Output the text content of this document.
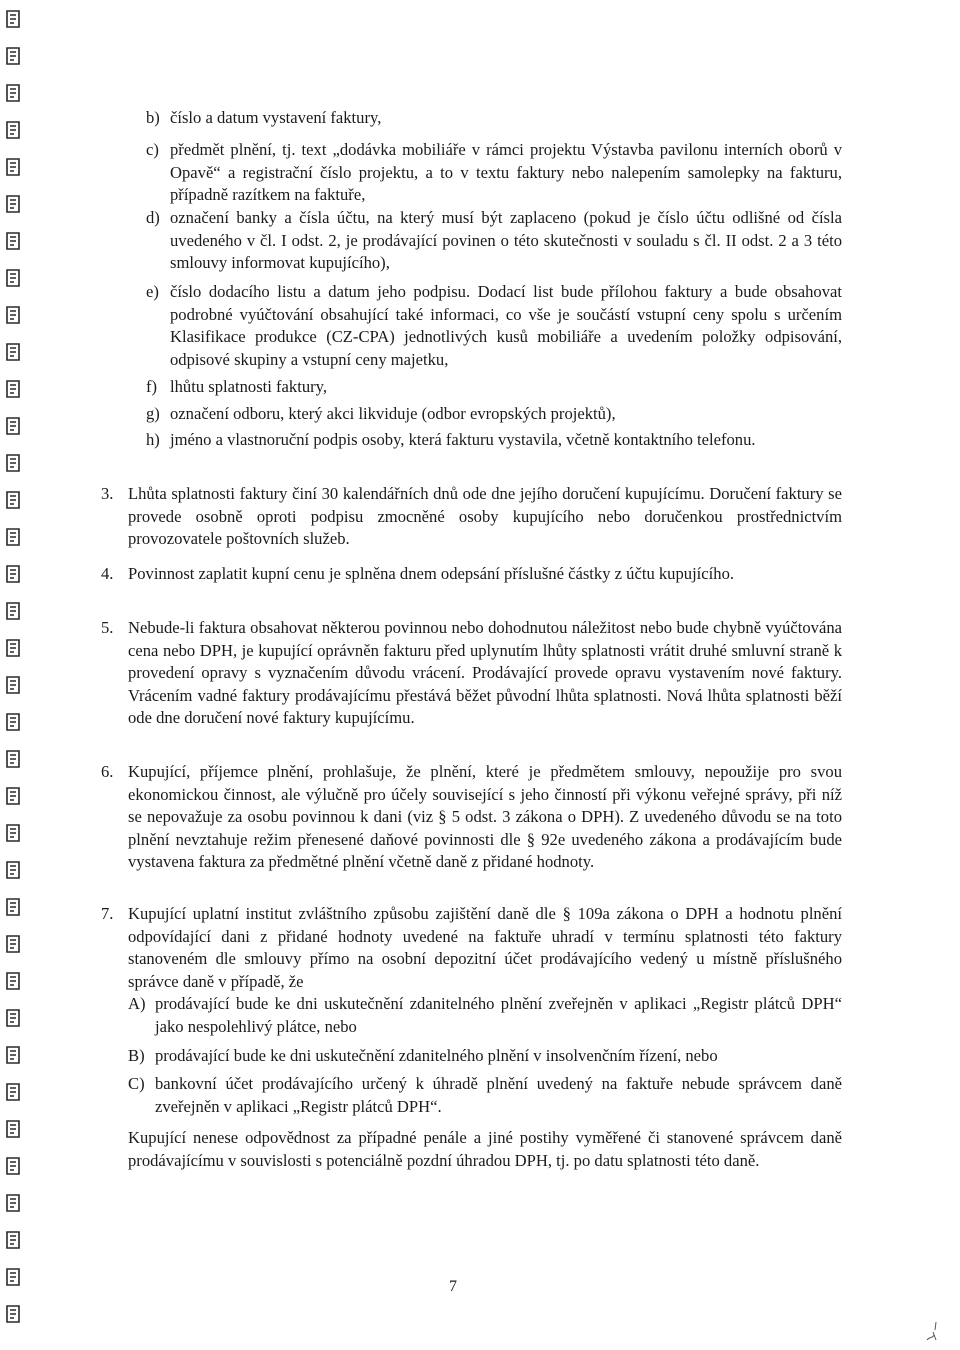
b) číslo a datum vystavení faktury,
c) předmět plnění, tj. text „dodávka mobiliáře v rámci projektu Výstavba pavilonu interních oborů v Opavě“ a registrační číslo projektu, a to v textu faktury nebo nalepením samolepky na fakturu, případně razítkem na faktuře,
d) označení banky a čísla účtu, na který musí být zaplaceno (pokud je číslo účtu odlišné od čísla uvedeného v čl. I odst. 2, je prodávající povinen o této skutečnosti v souladu s čl. II odst. 2 a 3 této smlouvy informovat kupujícího),
e) číslo dodacího listu a datum jeho podpisu. Dodací list bude přílohou faktury a bude obsahovat podrobné vyúčtování obsahující také informaci, co vše je součástí vstupní ceny spolu s určením Klasifikace produkce (CZ-CPA) jednotlivých kusů mobiliáře a uvedením položky odpisování, odpisové skupiny a vstupní ceny majetku,
f) lhůtu splatnosti faktury,
g) označení odboru, který akci likviduje (odbor evropských projektů),
h) jméno a vlastnoruční podpis osoby, která fakturu vystavila, včetně kontaktního telefonu.
3. Lhůta splatnosti faktury činí 30 kalendářních dnů ode dne jejího doručení kupujícímu. Doručení faktury se provede osobně oproti podpisu zmocněné osoby kupujícího nebo doručenkou prostřednictvím provozovatele poštovních služeb.
4. Povinnost zaplatit kupní cenu je splněna dnem odepsání příslušné částky z účtu kupujícího.
5. Nebude-li faktura obsahovat některou povinnou nebo dohodnutou náležitost nebo bude chybně vyúčtována cena nebo DPH, je kupující oprávněn fakturu před uplynutím lhůty splatnosti vrátit druhé smluvní straně k provedení opravy s vyznačením důvodu vrácení. Prodávající provede opravu vystavením nové faktury. Vrácením vadné faktury prodávajícímu přestává běžet původní lhůta splatnosti. Nová lhůta splatnosti běží ode dne doručení nové faktury kupujícímu.
6. Kupující, příjemce plnění, prohlašuje, že plnění, které je předmětem smlouvy, nepoužije pro svou ekonomickou činnost, ale výlučně pro účely související s jeho činností při výkonu veřejné správy, při níž se nepovažuje za osobu povinnou k dani (viz § 5 odst. 3 zákona o DPH). Z uvedeného důvodu se na toto plnění nevztahuje režim přenesené daňové povinnosti dle § 92e uvedeného zákona a prodávajícím bude vystavena faktura za předmětné plnění včetně daně z přidané hodnoty.
7. Kupující uplatní institut zvláštního způsobu zajištění daně dle § 109a zákona o DPH a hodnotu plnění odpovídající dani z přidané hodnoty uvedené na faktuře uhradí v termínu splatnosti této faktury stanoveném dle smlouvy přímo na osobní depozitní účet prodávajícího vedený u místně příslušného správce daně v případě, že
A) prodávající bude ke dni uskutečnění zdanitelného plnění zveřejněn v aplikaci „Registr plátců DPH“ jako nespolehlivý plátce, nebo
B) prodávající bude ke dni uskutečnění zdanitelného plnění v insolvenčním řízení, nebo
C) bankovní účet prodávajícího určený k úhradě plnění uvedený na faktuře nebude správcem daně zveřejněn v aplikaci „Registr plátců DPH“.
Kupující nenese odpovědnost za případné penále a jiné postihy vyměřené či stanovené správcem daně prodávajícímu v souvislosti s potenciálně pozdní úhradou DPH, tj. po datu splatnosti této daně.
7
